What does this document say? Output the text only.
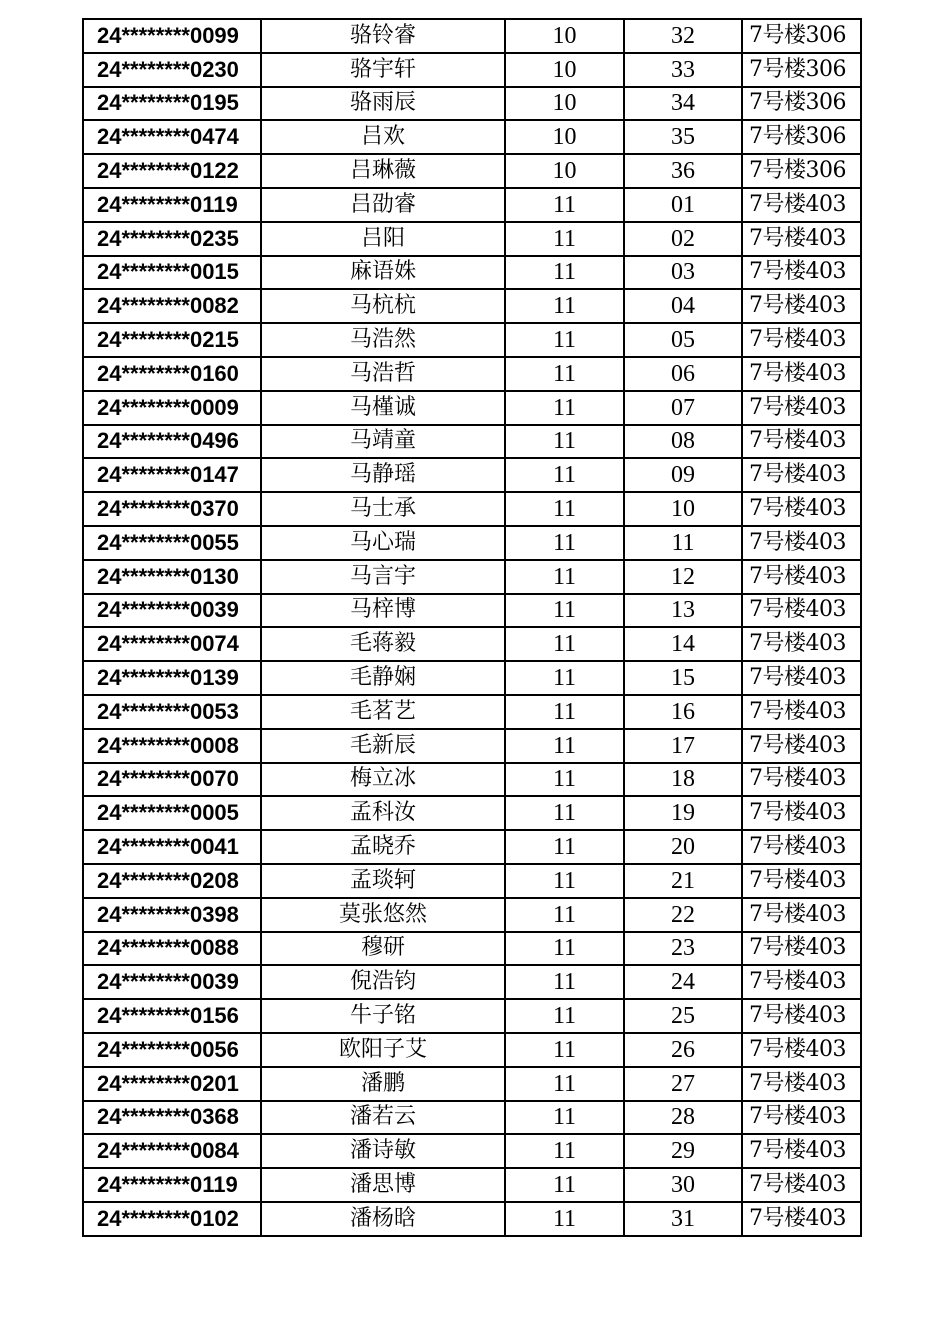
24********0099	骆铃睿	10	32	7号楼306
24********0230	骆宇轩	10	33	7号楼306
24********0195	骆雨辰	10	34	7号楼306
24********0474	吕欢	10	35	7号楼306
24********0122	吕琳薇	10	36	7号楼306
24********0119	吕劭睿	11	01	7号楼403
24********0235	吕阳	11	02	7号楼403
24********0015	麻语姝	11	03	7号楼403
24********0082	马杭杭	11	04	7号楼403
24********0215	马浩然	11	05	7号楼403
24********0160	马浩哲	11	06	7号楼403
24********0009	马槿诚	11	07	7号楼403
24********0496	马靖童	11	08	7号楼403
24********0147	马静瑶	11	09	7号楼403
24********0370	马士承	11	10	7号楼403
24********0055	马心瑞	11	11	7号楼403
24********0130	马言宇	11	12	7号楼403
24********0039	马梓博	11	13	7号楼403
24********0074	毛蒋毅	11	14	7号楼403
24********0139	毛静娴	11	15	7号楼403
24********0053	毛茗艺	11	16	7号楼403
24********0008	毛新辰	11	17	7号楼403
24********0070	梅立冰	11	18	7号楼403
24********0005	孟科汝	11	19	7号楼403
24********0041	孟晓乔	11	20	7号楼403
24********0208	孟琰轲	11	21	7号楼403
24********0398	莫张悠然	11	22	7号楼403
24********0088	穆研	11	23	7号楼403
24********0039	倪浩钧	11	24	7号楼403
24********0156	牛子铭	11	25	7号楼403
24********0056	欧阳子艾	11	26	7号楼403
24********0201	潘鹏	11	27	7号楼403
24********0368	潘若云	11	28	7号楼403
24********0084	潘诗敏	11	29	7号楼403
24********0119	潘思博	11	30	7号楼403
24********0102	潘杨晗	11	31	7号楼403
